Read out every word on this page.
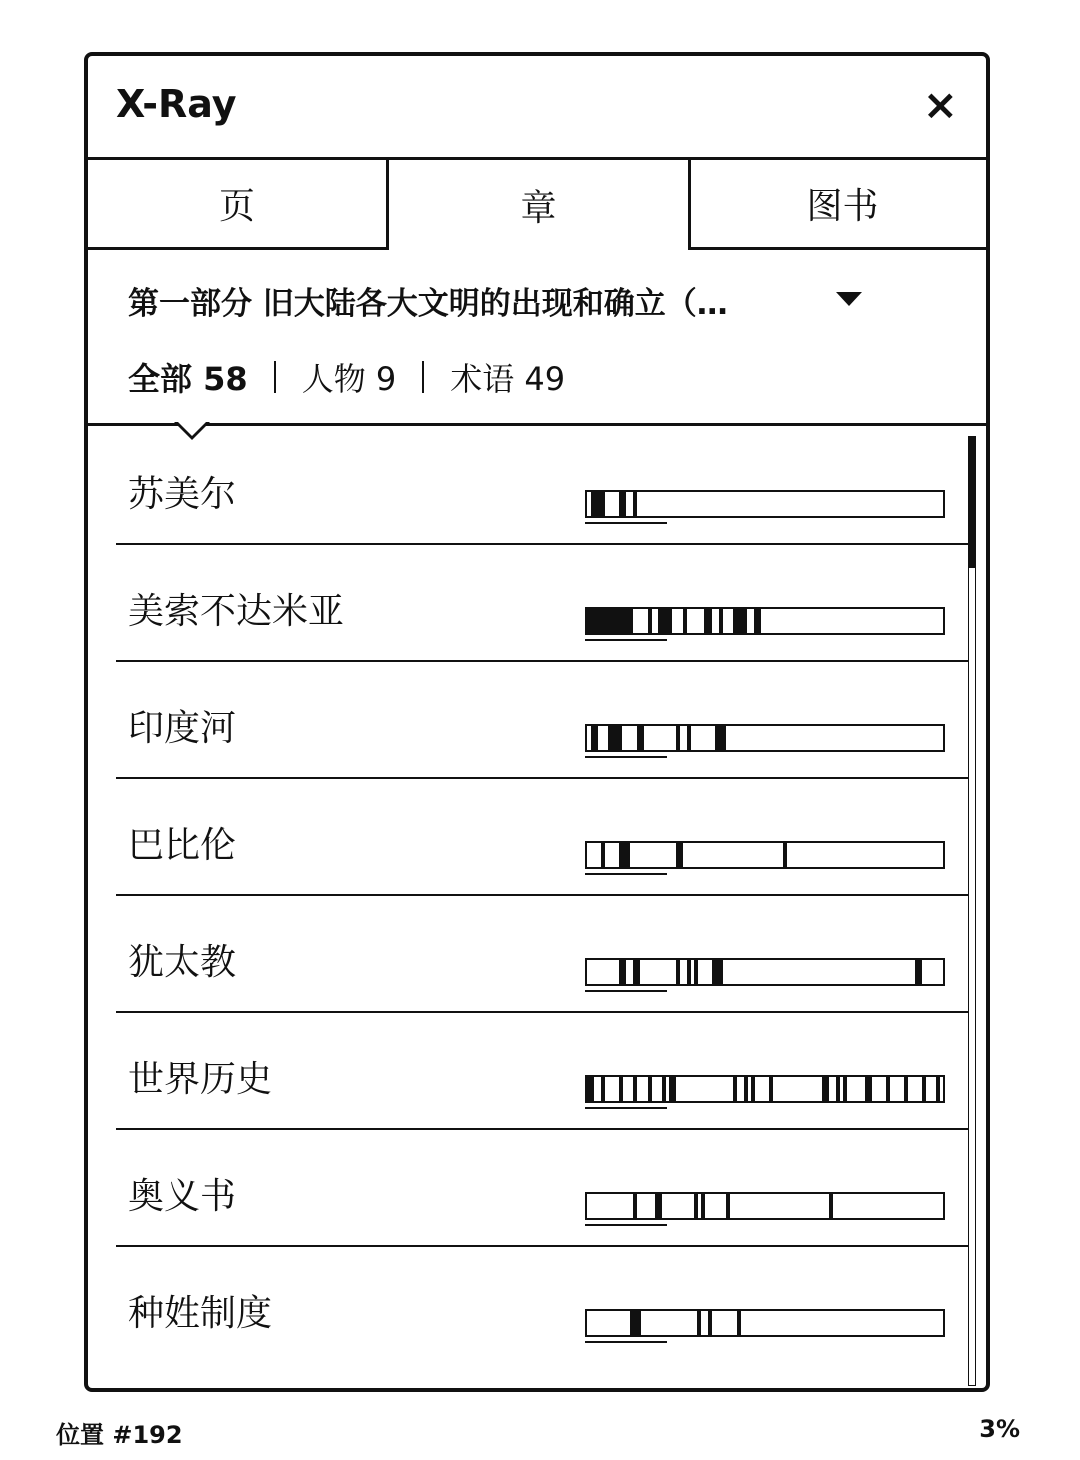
X-Ray	×
页	章	图书
第一部分 旧大陆各大文明的出现和确立（…
全部 58 人物 9 术语 49
苏美尔
美索不达米亚
印度河
巴比伦
犹太教
世界历史
奥义书
种姓制度
位置 #192	3%
